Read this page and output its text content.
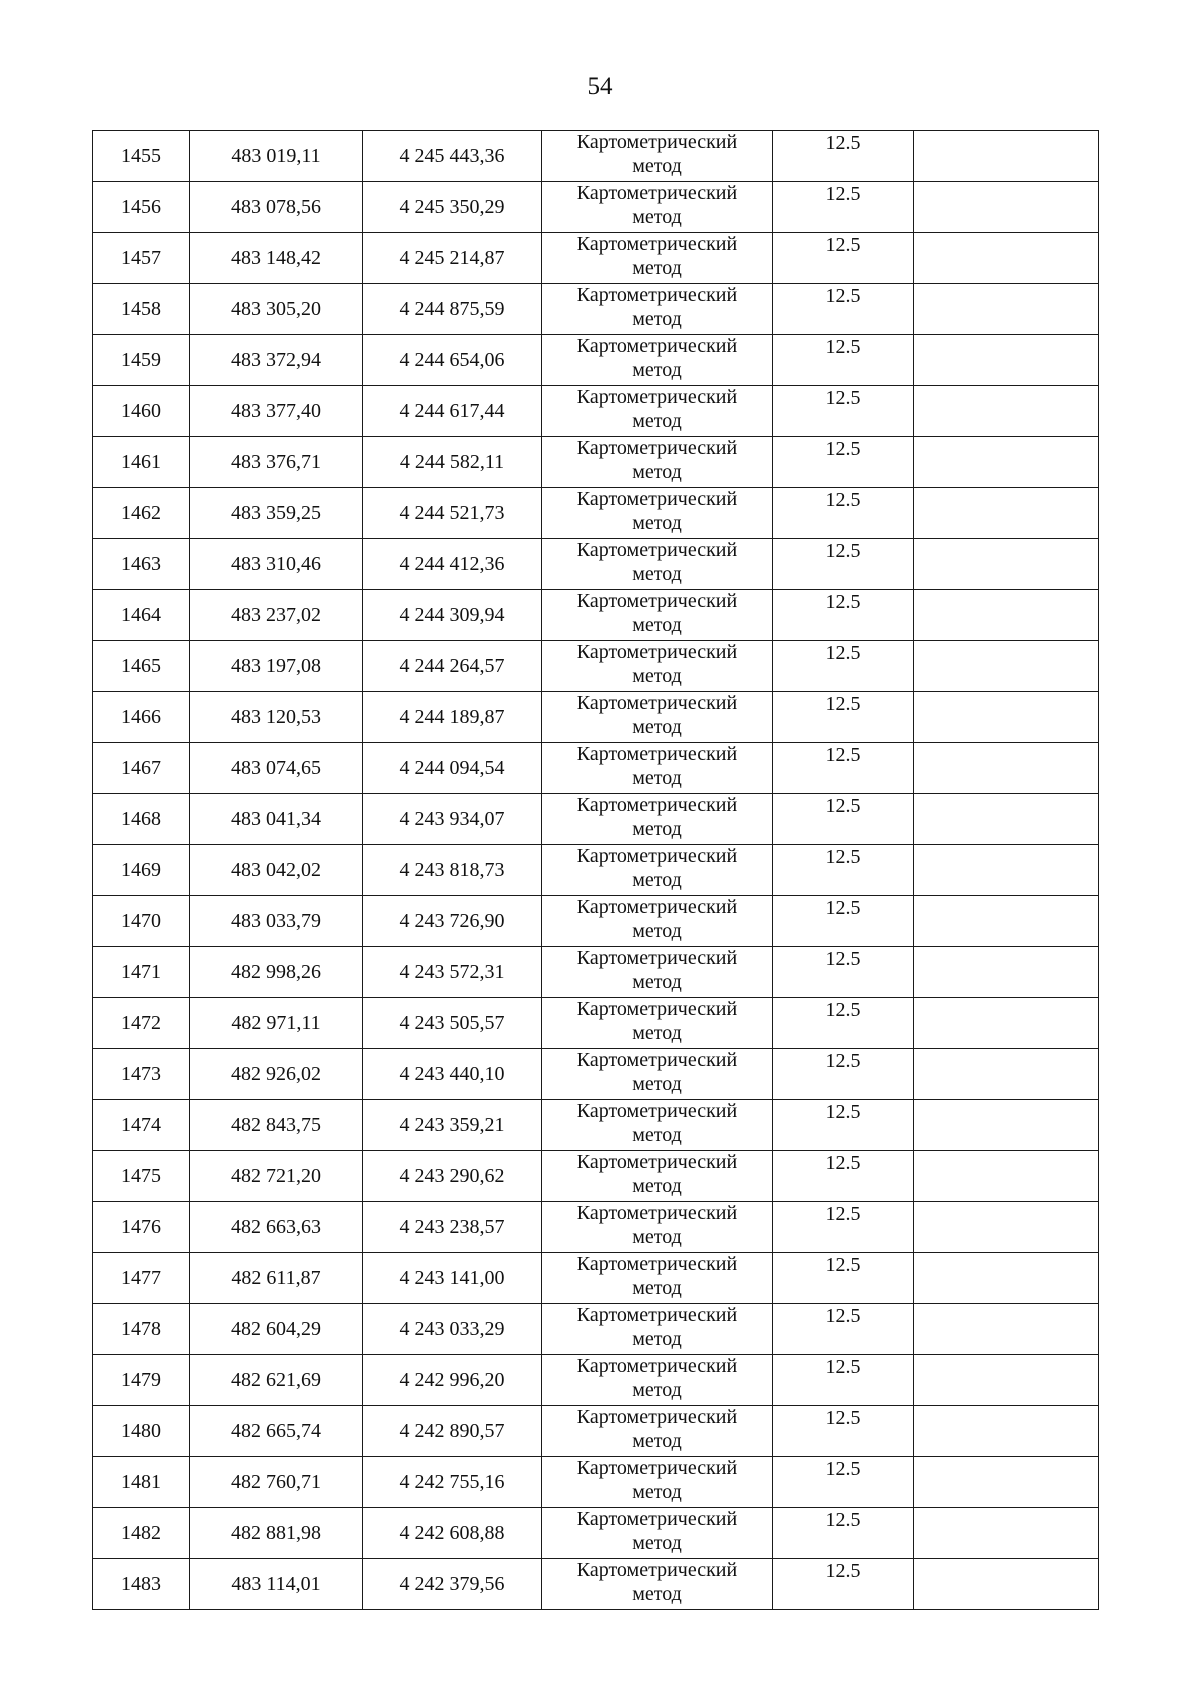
54
1455	483 019,11	4 245 443,36	Картометрический
метод	12.5	
1456	483 078,56	4 245 350,29	Картометрический
метод	12.5	
1457	483 148,42	4 245 214,87	Картометрический
метод	12.5	
1458	483 305,20	4 244 875,59	Картометрический
метод	12.5	
1459	483 372,94	4 244 654,06	Картометрический
метод	12.5	
1460	483 377,40	4 244 617,44	Картометрический
метод	12.5	
1461	483 376,71	4 244 582,11	Картометрический
метод	12.5	
1462	483 359,25	4 244 521,73	Картометрический
метод	12.5	
1463	483 310,46	4 244 412,36	Картометрический
метод	12.5	
1464	483 237,02	4 244 309,94	Картометрический
метод	12.5	
1465	483 197,08	4 244 264,57	Картометрический
метод	12.5	
1466	483 120,53	4 244 189,87	Картометрический
метод	12.5	
1467	483 074,65	4 244 094,54	Картометрический
метод	12.5	
1468	483 041,34	4 243 934,07	Картометрический
метод	12.5	
1469	483 042,02	4 243 818,73	Картометрический
метод	12.5	
1470	483 033,79	4 243 726,90	Картометрический
метод	12.5	
1471	482 998,26	4 243 572,31	Картометрический
метод	12.5	
1472	482 971,11	4 243 505,57	Картометрический
метод	12.5	
1473	482 926,02	4 243 440,10	Картометрический
метод	12.5	
1474	482 843,75	4 243 359,21	Картометрический
метод	12.5	
1475	482 721,20	4 243 290,62	Картометрический
метод	12.5	
1476	482 663,63	4 243 238,57	Картометрический
метод	12.5	
1477	482 611,87	4 243 141,00	Картометрический
метод	12.5	
1478	482 604,29	4 243 033,29	Картометрический
метод	12.5	
1479	482 621,69	4 242 996,20	Картометрический
метод	12.5	
1480	482 665,74	4 242 890,57	Картометрический
метод	12.5	
1481	482 760,71	4 242 755,16	Картометрический
метод	12.5	
1482	482 881,98	4 242 608,88	Картометрический
метод	12.5	
1483	483 114,01	4 242 379,56	Картометрический
метод	12.5	
